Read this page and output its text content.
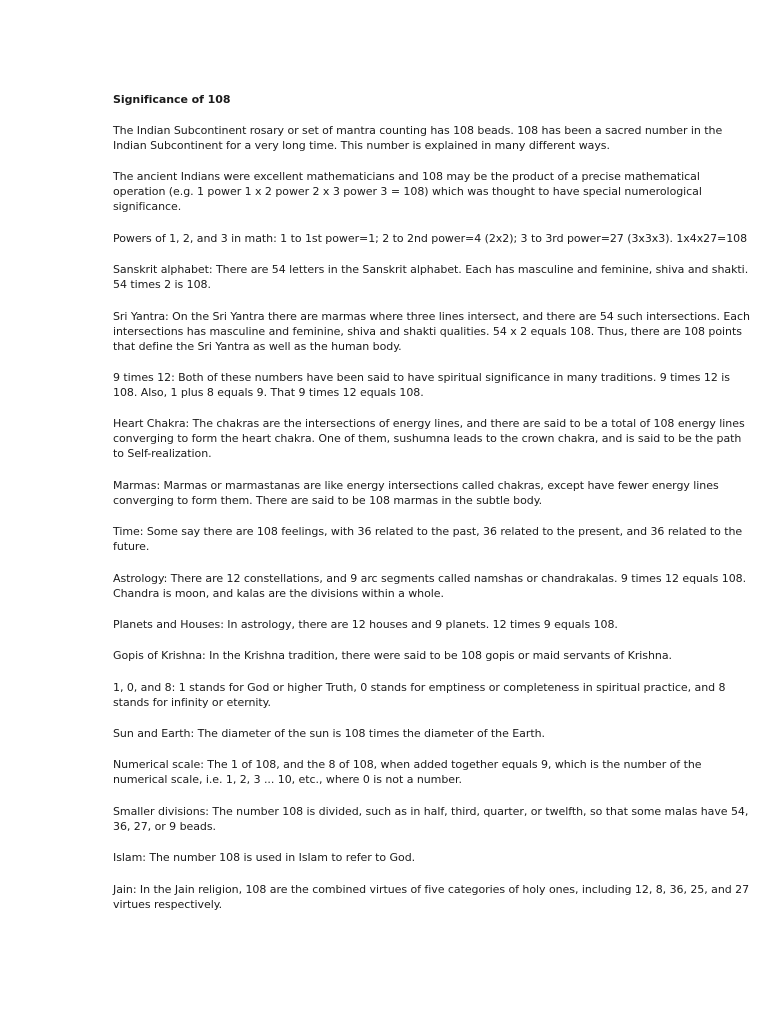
Significance of 108
The Indian Subcontinent rosary or set of mantra counting has 108 beads. 108 has been a sacred number in the Indian Subcontinent for a very long time. This number is explained in many different ways.
The ancient Indians were excellent mathematicians and 108 may be the product of a precise mathematical operation (e.g. 1 power 1 x 2 power 2 x 3 power 3 = 108) which was thought to have special numerological significance.
Powers of 1, 2, and 3 in math: 1 to 1st power=1; 2 to 2nd power=4 (2x2); 3 to 3rd power=27 (3x3x3). 1x4x27=108
Sanskrit alphabet: There are 54 letters in the Sanskrit alphabet. Each has masculine and feminine, shiva and shakti. 54 times 2 is 108.
Sri Yantra: On the Sri Yantra there are marmas where three lines intersect, and there are 54 such intersections. Each intersections has masculine and feminine, shiva and shakti qualities. 54 x 2 equals 108. Thus, there are 108 points that define the Sri Yantra as well as the human body.
9 times 12: Both of these numbers have been said to have spiritual significance in many traditions. 9 times 12 is 108. Also, 1 plus 8 equals 9. That 9 times 12 equals 108.
Heart Chakra: The chakras are the intersections of energy lines, and there are said to be a total of 108 energy lines converging to form the heart chakra. One of them, sushumna leads to the crown chakra, and is said to be the path to Self-realization.
Marmas: Marmas or marmastanas are like energy intersections called chakras, except have fewer energy lines converging to form them. There are said to be 108 marmas in the subtle body.
Time: Some say there are 108 feelings, with 36 related to the past, 36 related to the present, and 36 related to the future.
Astrology: There are 12 constellations, and 9 arc segments called namshas or chandrakalas. 9 times 12 equals 108. Chandra is moon, and kalas are the divisions within a whole.
Planets and Houses: In astrology, there are 12 houses and 9 planets. 12 times 9 equals 108.
Gopis of Krishna: In the Krishna tradition, there were said to be 108 gopis or maid servants of Krishna.
1, 0, and 8: 1 stands for God or higher Truth, 0 stands for emptiness or completeness in spiritual practice, and 8 stands for infinity or eternity.
Sun and Earth: The diameter of the sun is 108 times the diameter of the Earth.
Numerical scale: The 1 of 108, and the 8 of 108, when added together equals 9, which is the number of the numerical scale, i.e. 1, 2, 3 ... 10, etc., where 0 is not a number.
Smaller divisions: The number 108 is divided, such as in half, third, quarter, or twelfth, so that some malas have 54, 36, 27, or 9 beads.
Islam: The number 108 is used in Islam to refer to God.
Jain: In the Jain religion, 108 are the combined virtues of five categories of holy ones, including 12, 8, 36, 25, and 27 virtues respectively.
